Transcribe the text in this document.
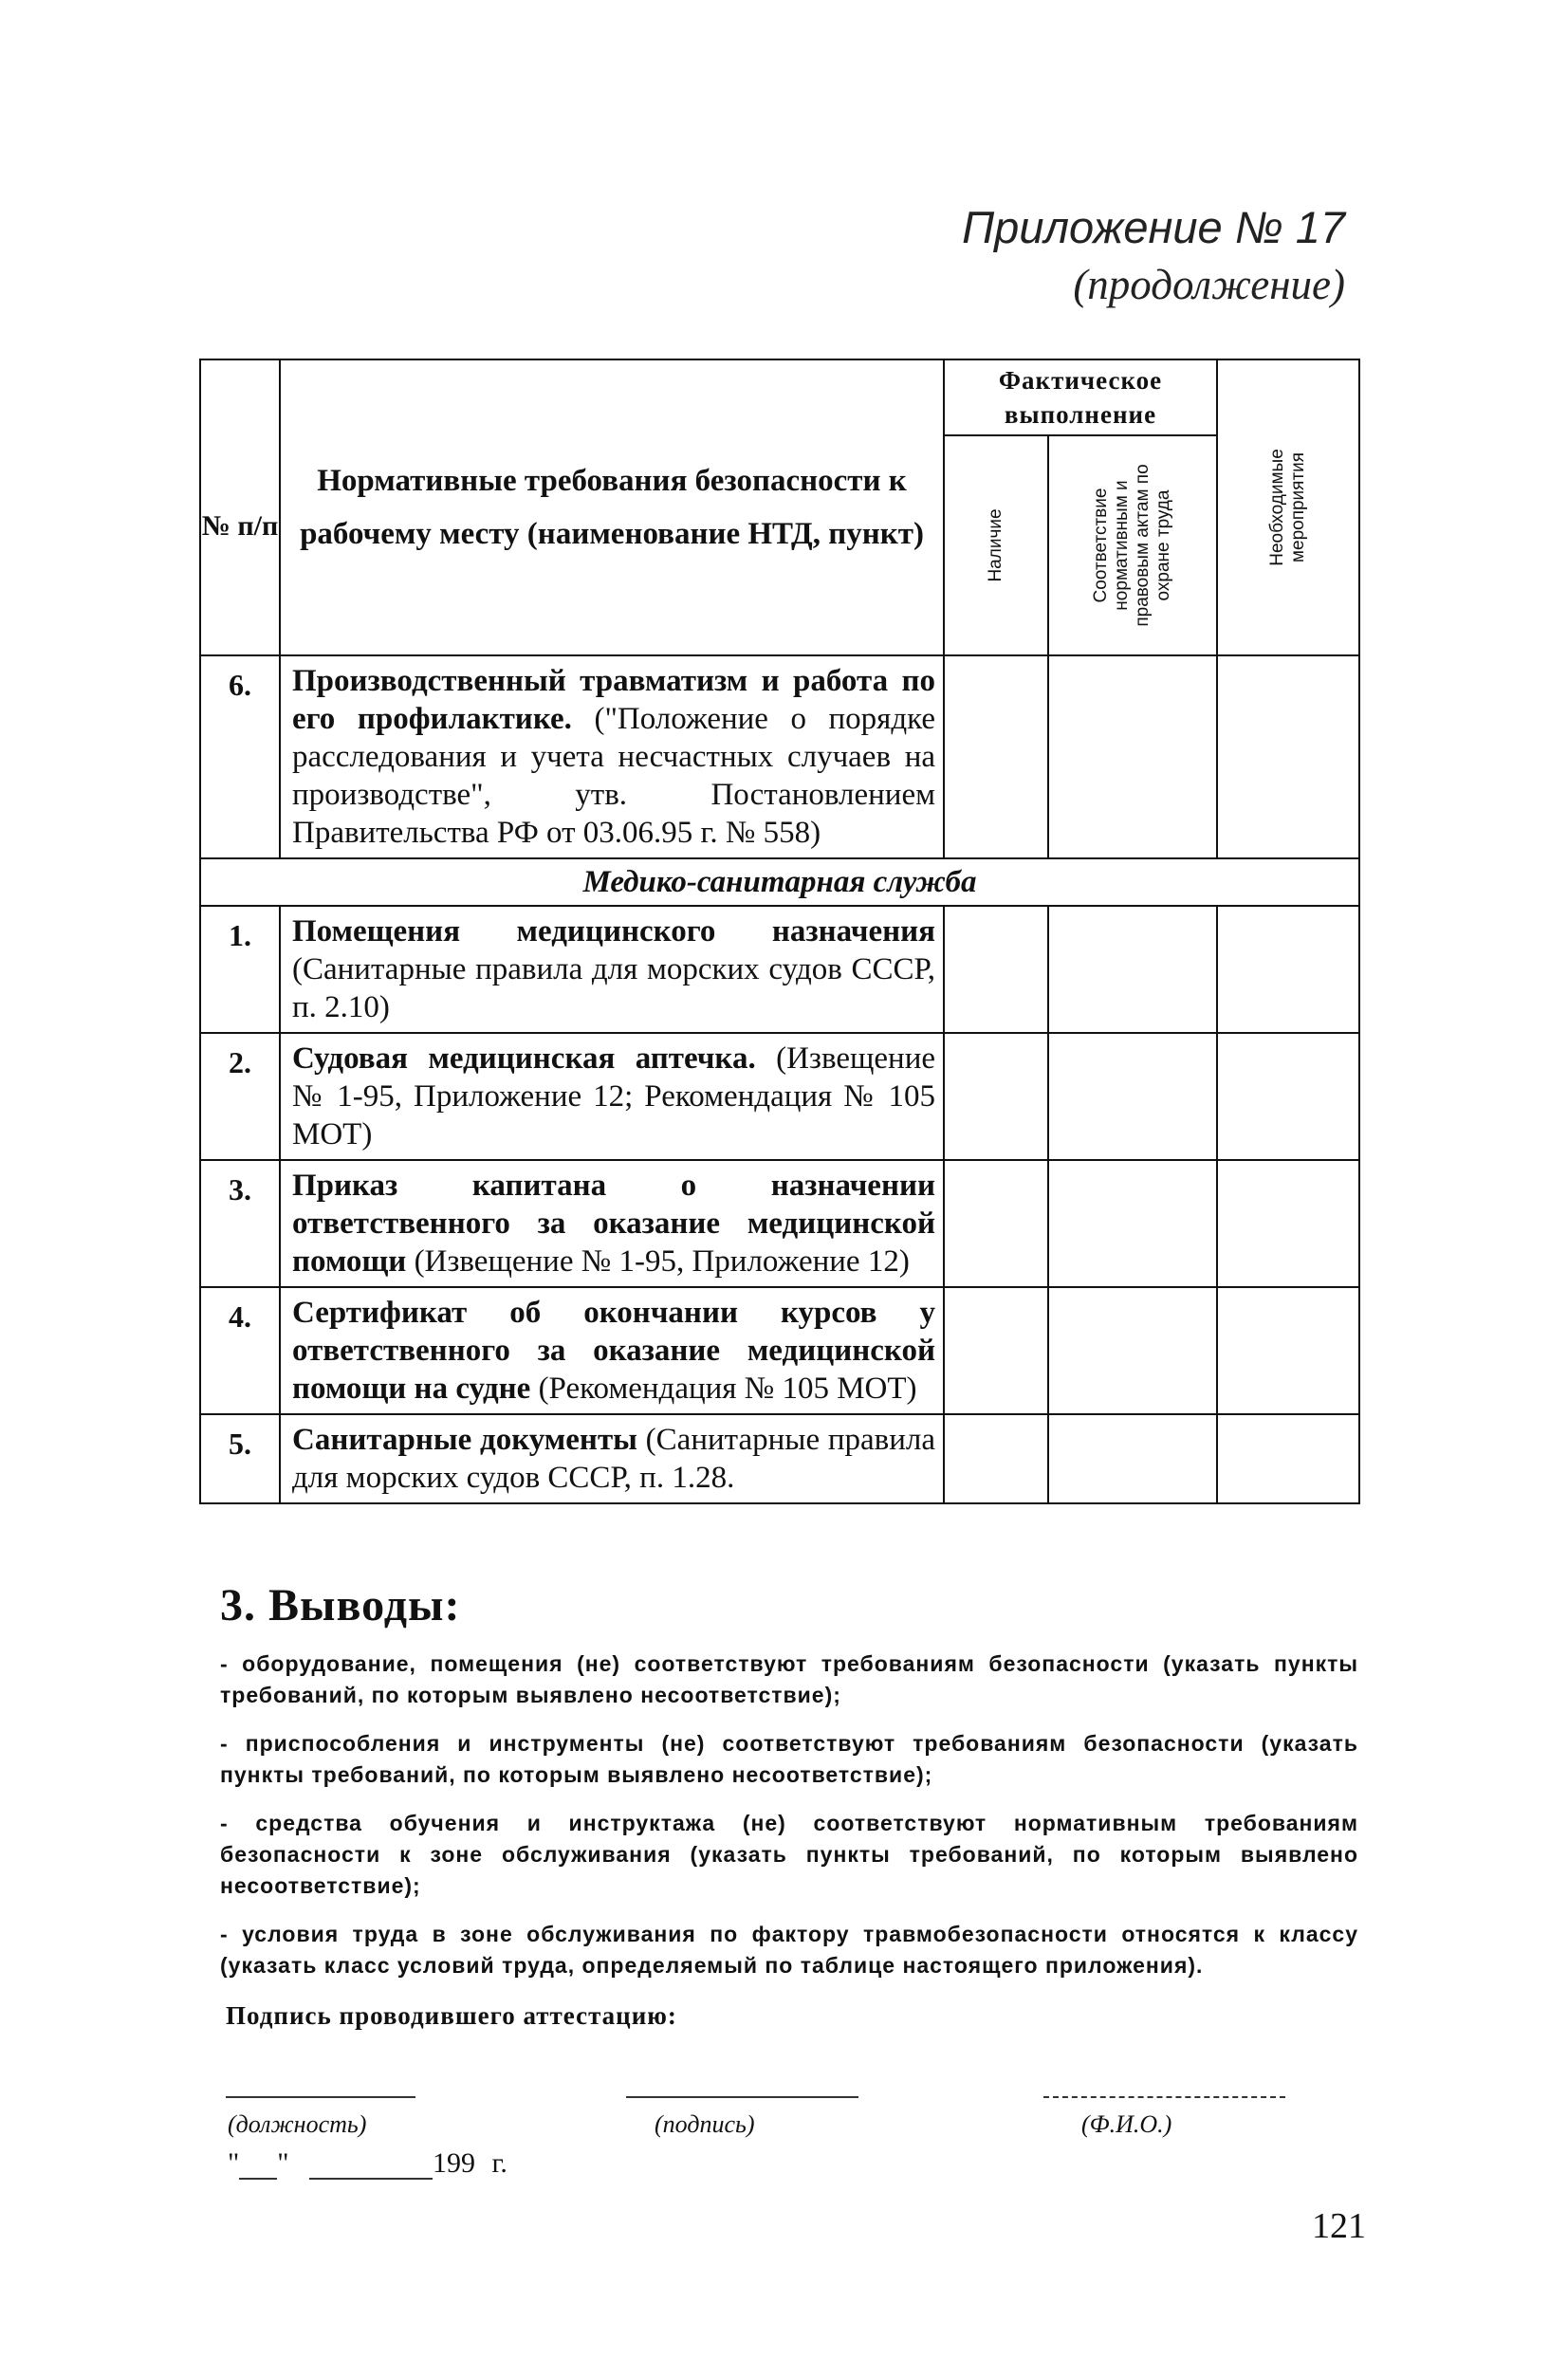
Приложение № 17
(продолжение)
№ п/п	Нормативные требования безопасности к рабочему месту (наименование НТД, пункт)	Фактическое выполнение		Необходимые мероприятия

		Наличие	Соответствие нормативным и правовым актам по охране труда	

6.	Производственный травматизм и работа по его профилактике. ("Положение о порядке расследования и учета несчастных случаев на производстве", утв. Постановлением Правительства РФ от 03.06.95 г. № 558)			
Медико-санитарная служба				
1.	Помещения медицинского назначения (Санитарные правила для морских судов СССР, п. 2.10)			
2.	Судовая медицинская аптечка. (Извещение № 1-95, Приложение 12; Рекомендация № 105 МОТ)			
3.	Приказ капитана о назначении ответственного за оказание медицинской помощи (Извещение № 1-95, Приложение 12)			
4.	Сертификат об окончании курсов у ответственного за оказание медицинской помощи на судне (Рекомендация № 105 МОТ)			
5.	Санитарные документы (Санитарные правила для морских судов СССР, п. 1.28.			
3. Выводы:

- оборудование, помещения (не) соответствуют требованиям безопасности (указать пункты требований, по которым выявлено несоответствие);

- приспособления и инструменты (не) соответствуют требованиям безопасности (указать пункты требований, по которым выявлено несоответствие);

- средства обучения и инструктажа (не) соответствуют нормативным требованиям безопасности к зоне обслуживания (указать пункты требований, по которым выявлено несоответствие);

- условия труда в зоне обслуживания по фактору травмобезопасности относятся к классу (указать класс условий труда, определяемый по таблице настоящего приложения).

Подпись проводившего аттестацию:
(должность)	(подпись)	(Ф.И.О.)
" "	199 г.
121
